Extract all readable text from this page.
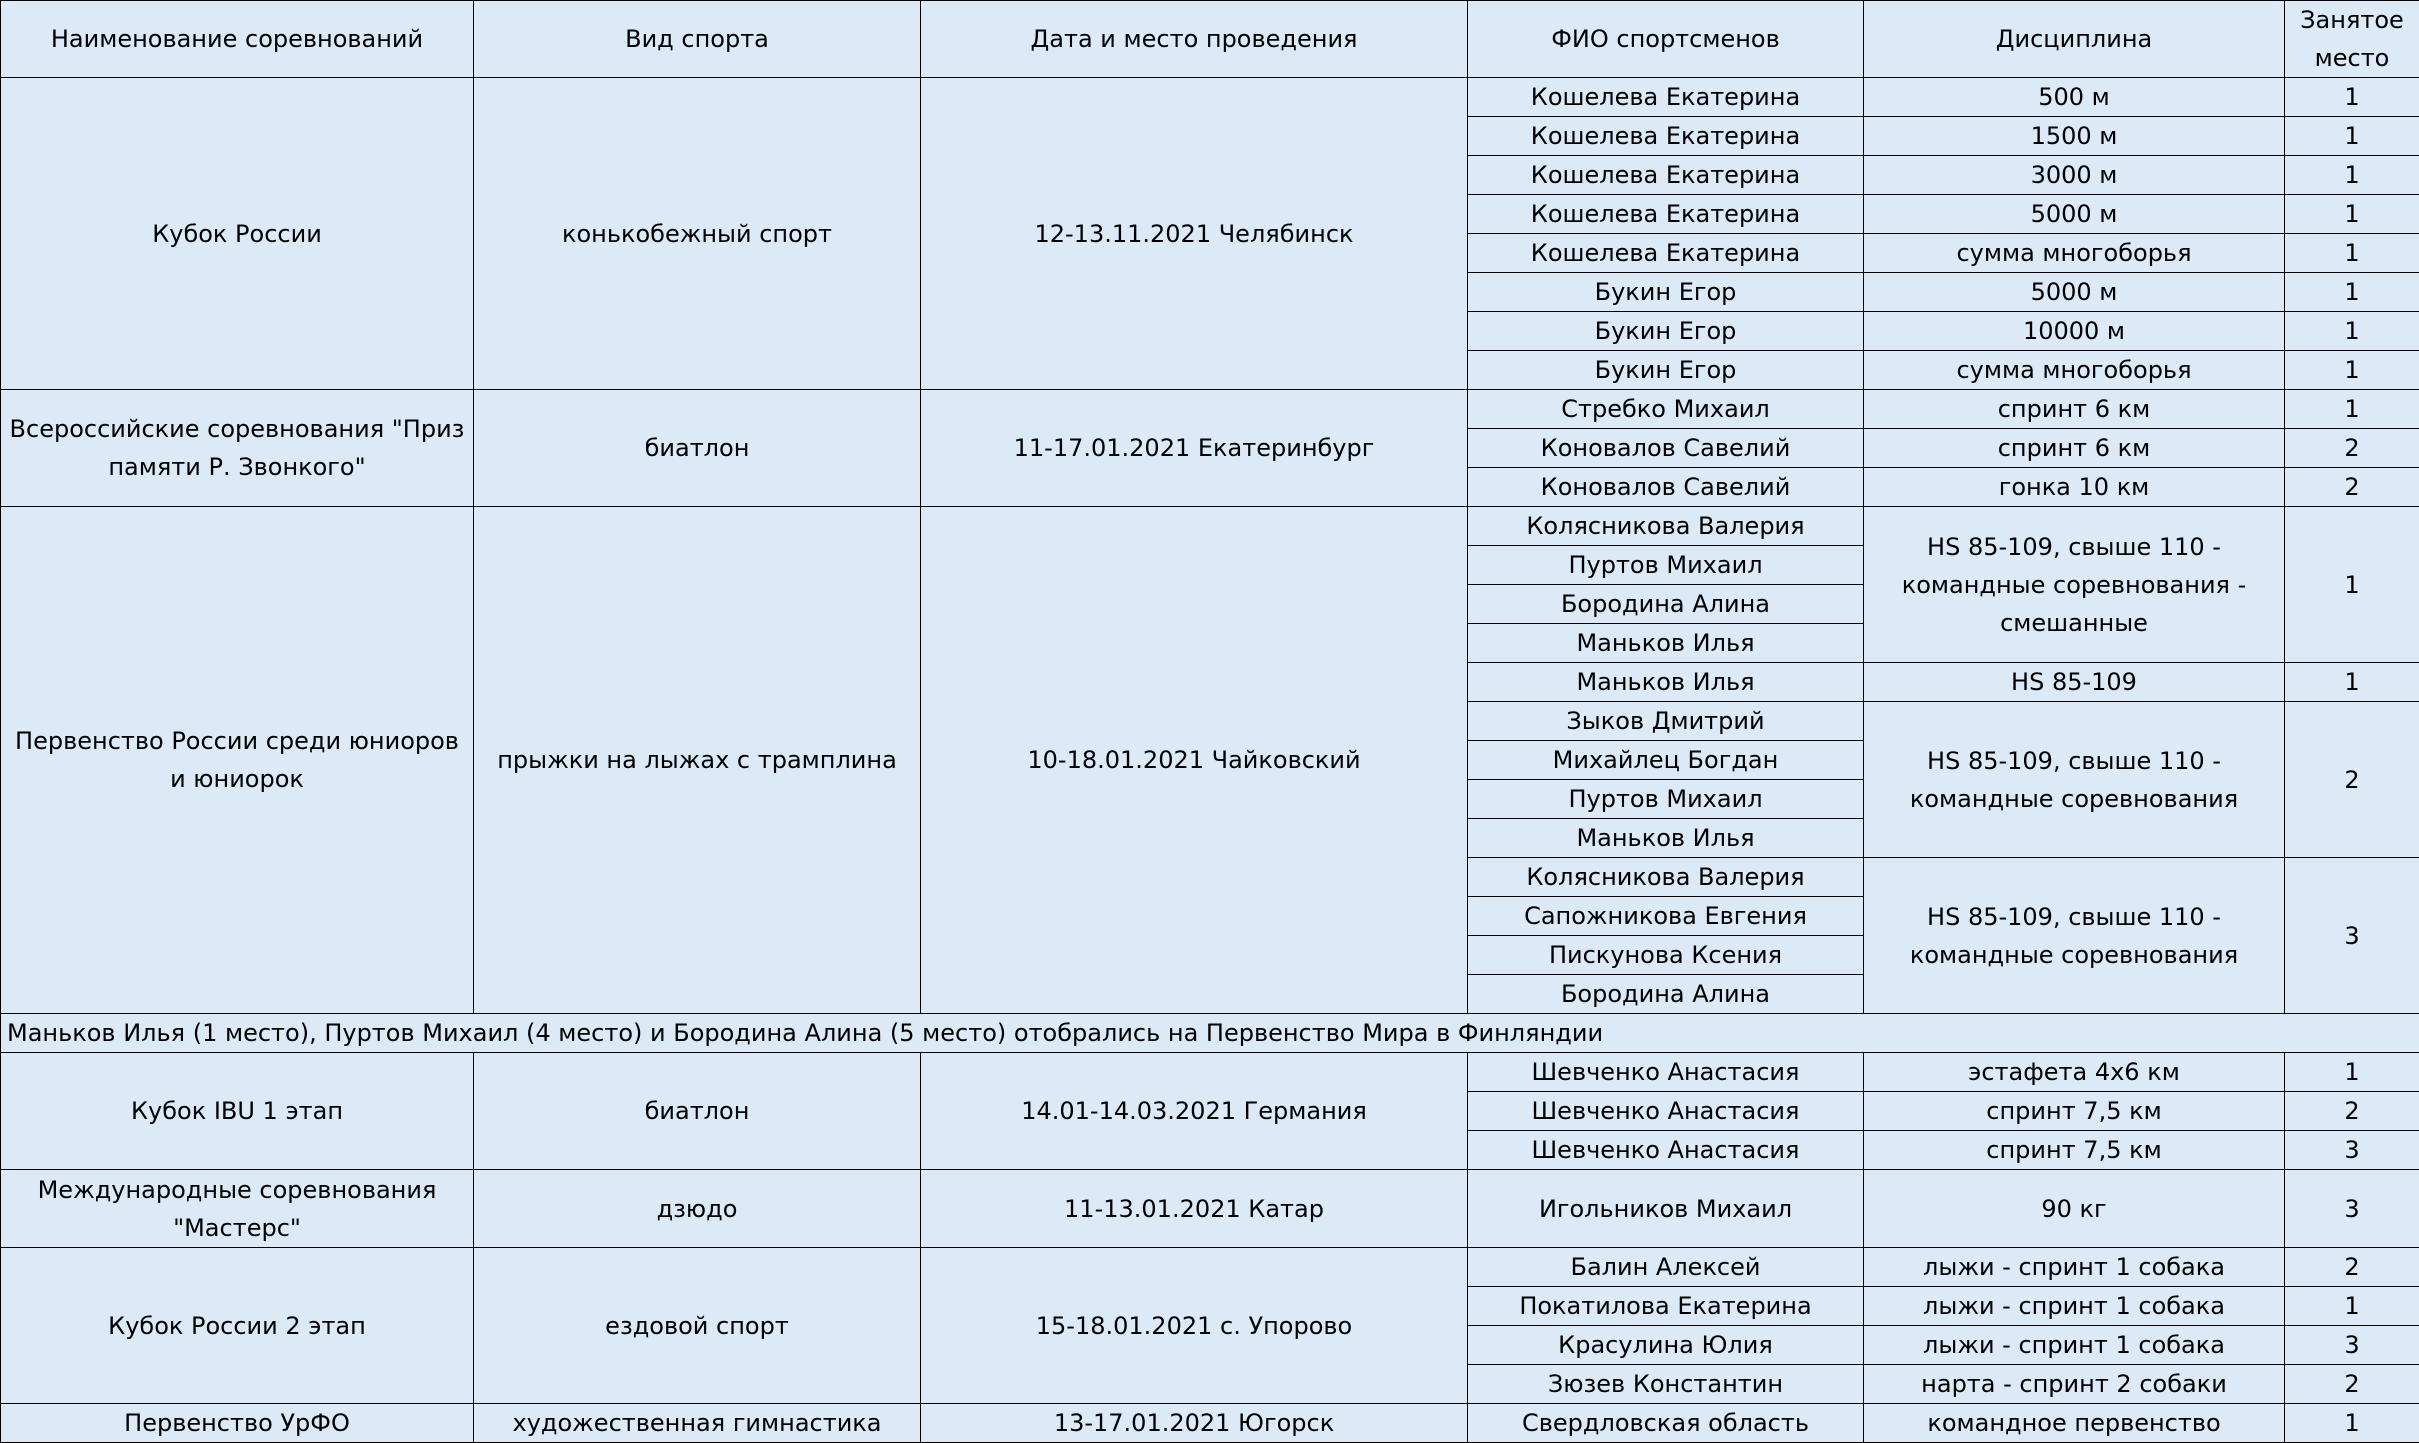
Наименование соревнований	Вид спорта	Дата и место проведения	ФИО спортсменов	Дисциплина	Занятое место
Кубок России	конькобежный спорт	12-13.11.2021 Челябинск	Кошелева Екатерина	500 м	1
			Кошелева Екатерина	1500 м	1
			Кошелева Екатерина	3000 м	1
			Кошелева Екатерина	5000 м	1
			Кошелева Екатерина	сумма многоборья	1
			Букин Егор	5000 м	1
			Букин Егор	10000 м	1
			Букин Егор	сумма многоборья	1
Всероссийские соревнования "Приз памяти Р. Звонкого"	биатлон	11-17.01.2021 Екатеринбург	Стребко Михаил	спринт 6 км	1
			Коновалов Савелий	спринт 6 км	2
			Коновалов Савелий	гонка 10 км	2
Первенство России среди юниоров и юниорок	прыжки на лыжах с трамплина	10-18.01.2021 Чайковский	Колясникова Валерия	HS 85-109, свыше 110 - командные соревнования - смешанные	1
			Пуртов Михаил		
			Бородина Алина		
			Маньков Илья		
			Маньков Илья	HS 85-109	1
			Зыков Дмитрий	HS 85-109, свыше 110 - командные соревнования	2
			Михайлец Богдан		
			Пуртов Михаил		
			Маньков Илья		
			Колясникова Валерия	HS 85-109, свыше 110 - командные соревнования	3
			Сапожникова Евгения		
			Пискунова Ксения		
			Бородина Алина		
Маньков Илья (1 место), Пуртов Михаил (4 место) и Бородина Алина (5 место) отобрались на Первенство Мира в Финляндии					
Кубок IBU 1 этап	биатлон	14.01-14.03.2021 Германия	Шевченко Анастасия	эстафета 4х6 км	1
			Шевченко Анастасия	спринт 7,5 км	2
			Шевченко Анастасия	спринт 7,5 км	3
Международные соревнования "Мастерс"	дзюдо	11-13.01.2021 Катар	Игольников Михаил	90 кг	3
Кубок России 2 этап	ездовой спорт	15-18.01.2021 с. Упорово	Балин Алексей	лыжи - спринт 1 собака	2
			Покатилова Екатерина	лыжи - спринт 1 собака	1
			Красулина Юлия	лыжи - спринт 1 собака	3
			Зюзев Константин	нарта - спринт 2 собаки	2
Первенство УрФО	художественная гимнастика	13-17.01.2021 Югорск	Свердловская область	командное первенство	1
